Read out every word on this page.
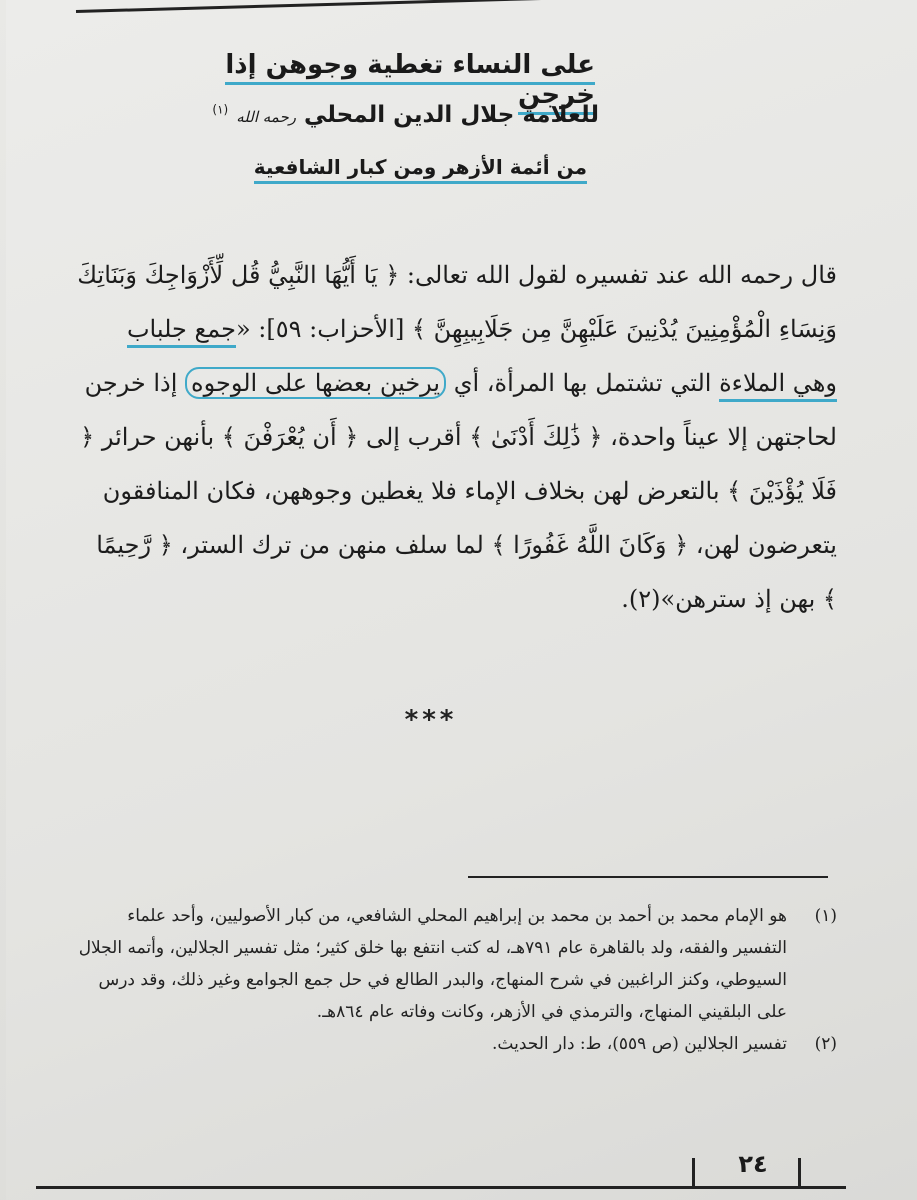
على النساء تغطية وجوهن إذا خرجن
للعلامة جلال الدين المحلي رحمه الله $^{(١)}$
من أئمة الأزهر ومن كبار الشافعية

قال رحمه الله عند تفسيره لقول الله تعالى: ﴿ يَا أَيُّهَا النَّبِيُّ قُل لِّأَزْوَاجِكَ وَبَنَاتِكَ وَنِسَاءِ الْمُؤْمِنِينَ يُدْنِينَ عَلَيْهِنَّ مِن جَلَابِيبِهِنَّ ﴾ [الأحزاب: ٥٩]: «جمع جلباب وهي الملاءة التي تشتمل بها المرأة، أي يرخين بعضها على الوجوه إذا خرجن لحاجتهن إلا عيناً واحدة، ﴿ ذَٰلِكَ أَدْنَىٰ ﴾ أقرب إلى ﴿ أَن يُعْرَفْنَ ﴾ بأنهن حرائر ﴿ فَلَا يُؤْذَيْنَ ﴾ بالتعرض لهن بخلاف الإماء فلا يغطين وجوههن، فكان المنافقون يتعرضون لهن، ﴿ وَكَانَ اللَّهُ غَفُورًا ﴾ لما سلف منهن من ترك الستر، ﴿ رَّحِيمًا ﴾ بهن إذ سترهن»(٢).

***
(١)
هو الإمام محمد بن أحمد بن محمد بن إبراهيم المحلي الشافعي، من كبار الأصوليين، وأحد علماء التفسير والفقه، ولد بالقاهرة عام ٧٩١هـ، له كتب انتفع بها خلق كثير؛ مثل تفسير الجلالين، وأتمه الجلال السيوطي، وكنز الراغبين في شرح المنهاج، والبدر الطالع في حل جمع الجوامع وغير ذلك، وقد درس على البلقيني المنهاج، والترمذي في الأزهر، وكانت وفاته عام ٨٦٤هـ.
(٢)
تفسير الجلالين (ص ٥٥٩)، ط: دار الحديث.
٢٤
